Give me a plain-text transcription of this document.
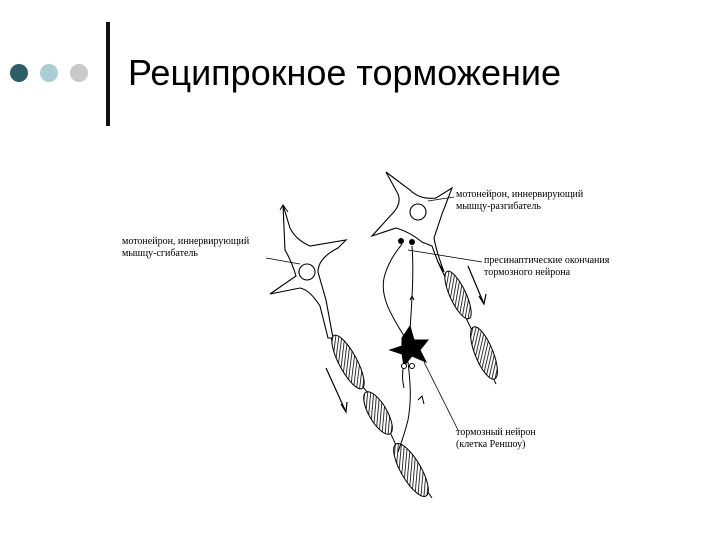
Реципрокное торможение
мотонейрон, иннервирующий
мышцу-сгибатель
мотонейрон, иннервирующий
мышцу-разгибатель
пресинаптические окончания
тормозного нейрона
тормозный нейрон
(клетка Реншоу)
